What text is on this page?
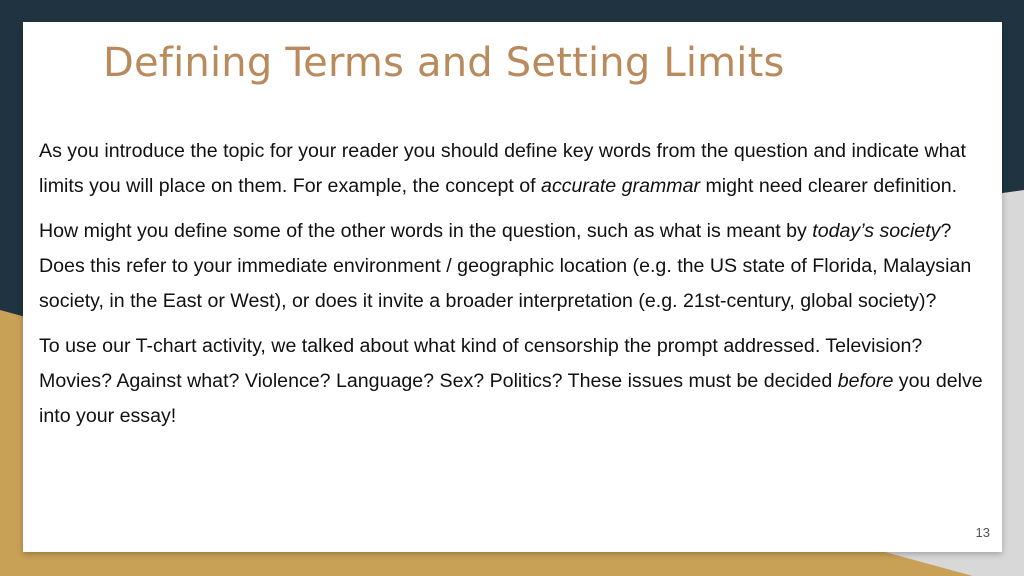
Defining Terms and Setting Limits

As you introduce the topic for your reader you should define key words from the question and indicate what limits you will place on them. For example, the concept of accurate grammar might need clearer definition.

How might you define some of the other words in the question, such as what is meant by today’s society? Does this refer to your immediate environment / geographic location (e.g. the US state of Florida, Malaysian society, in the East or West), or does it invite a broader interpretation (e.g. 21st-century, global society)?

To use our T-chart activity, we talked about what kind of censorship the prompt addressed. Television? Movies? Against what? Violence? Language? Sex? Politics? These issues must be decided before you delve into your essay!

13
